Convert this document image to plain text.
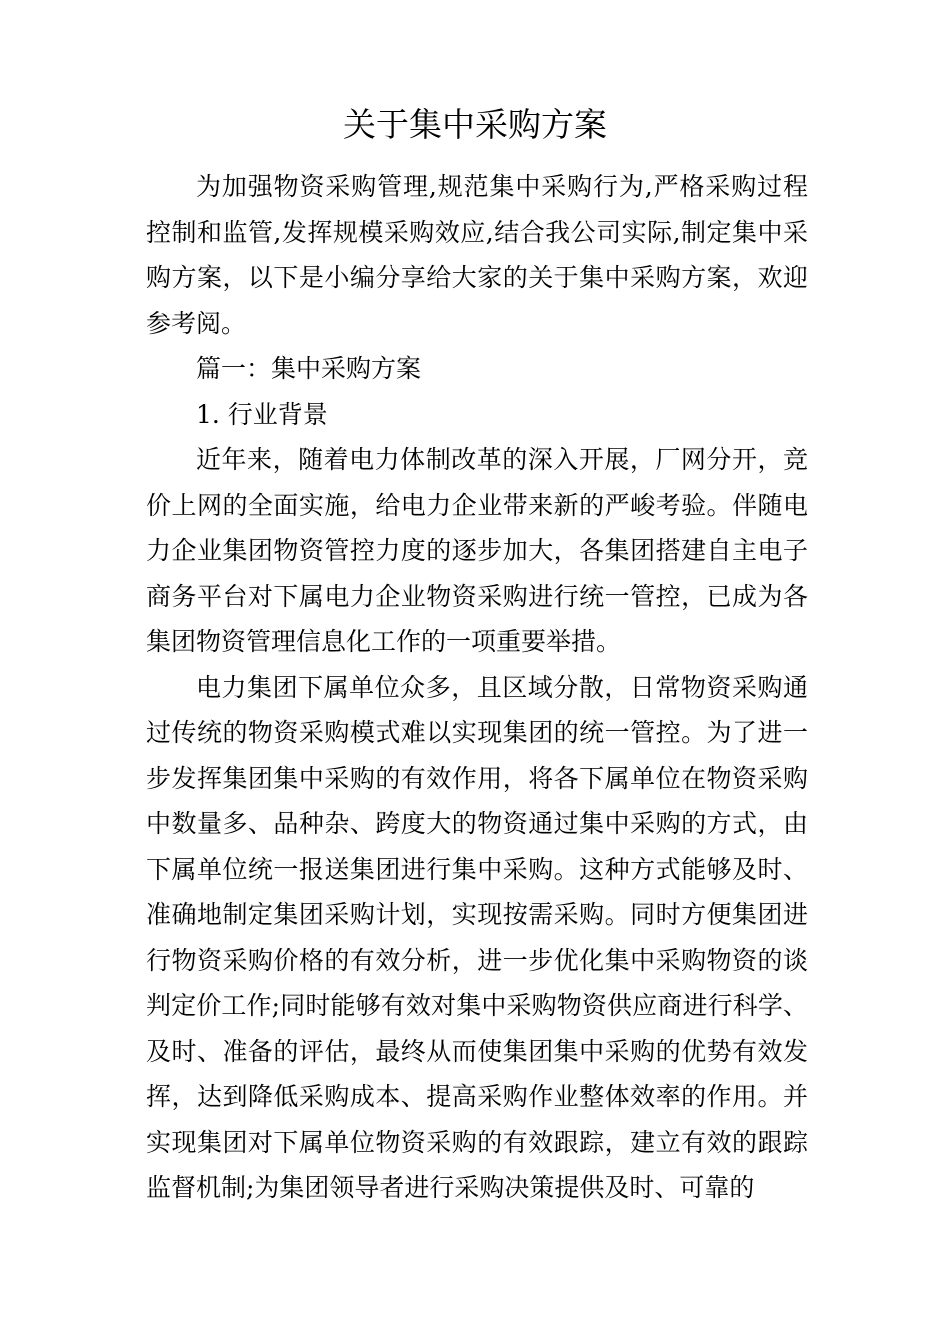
关于集中采购方案

为加强物资采购管理,规范集中采购行为,严格采购过程控制和监管,发挥规模采购效应,结合我公司实际,制定集中采购方案，以下是小编分享给大家的关于集中采购方案，欢迎参考阅。

篇一：集中采购方案

1. 行业背景

近年来，随着电力体制改革的深入开展，厂网分开，竞价上网的全面实施，给电力企业带来新的严峻考验。伴随电力企业集团物资管控力度的逐步加大，各集团搭建自主电子商务平台对下属电力企业物资采购进行统一管控，已成为各集团物资管理信息化工作的一项重要举措。

电力集团下属单位众多，且区域分散，日常物资采购通过传统的物资采购模式难以实现集团的统一管控。为了进一步发挥集团集中采购的有效作用，将各下属单位在物资采购中数量多、品种杂、跨度大的物资通过集中采购的方式，由下属单位统一报送集团进行集中采购。这种方式能够及时、准确地制定集团采购计划，实现按需采购。同时方便集团进行物资采购价格的有效分析，进一步优化集中采购物资的谈判定价工作;同时能够有效对集中采购物资供应商进行科学、及时、准备的评估，最终从而使集团集中采购的优势有效发挥，达到降低采购成本、提高采购作业整体效率的作用。并实现集团对下属单位物资采购的有效跟踪，建立有效的跟踪监督机制;为集团领导者进行采购决策提供及时、可靠的
